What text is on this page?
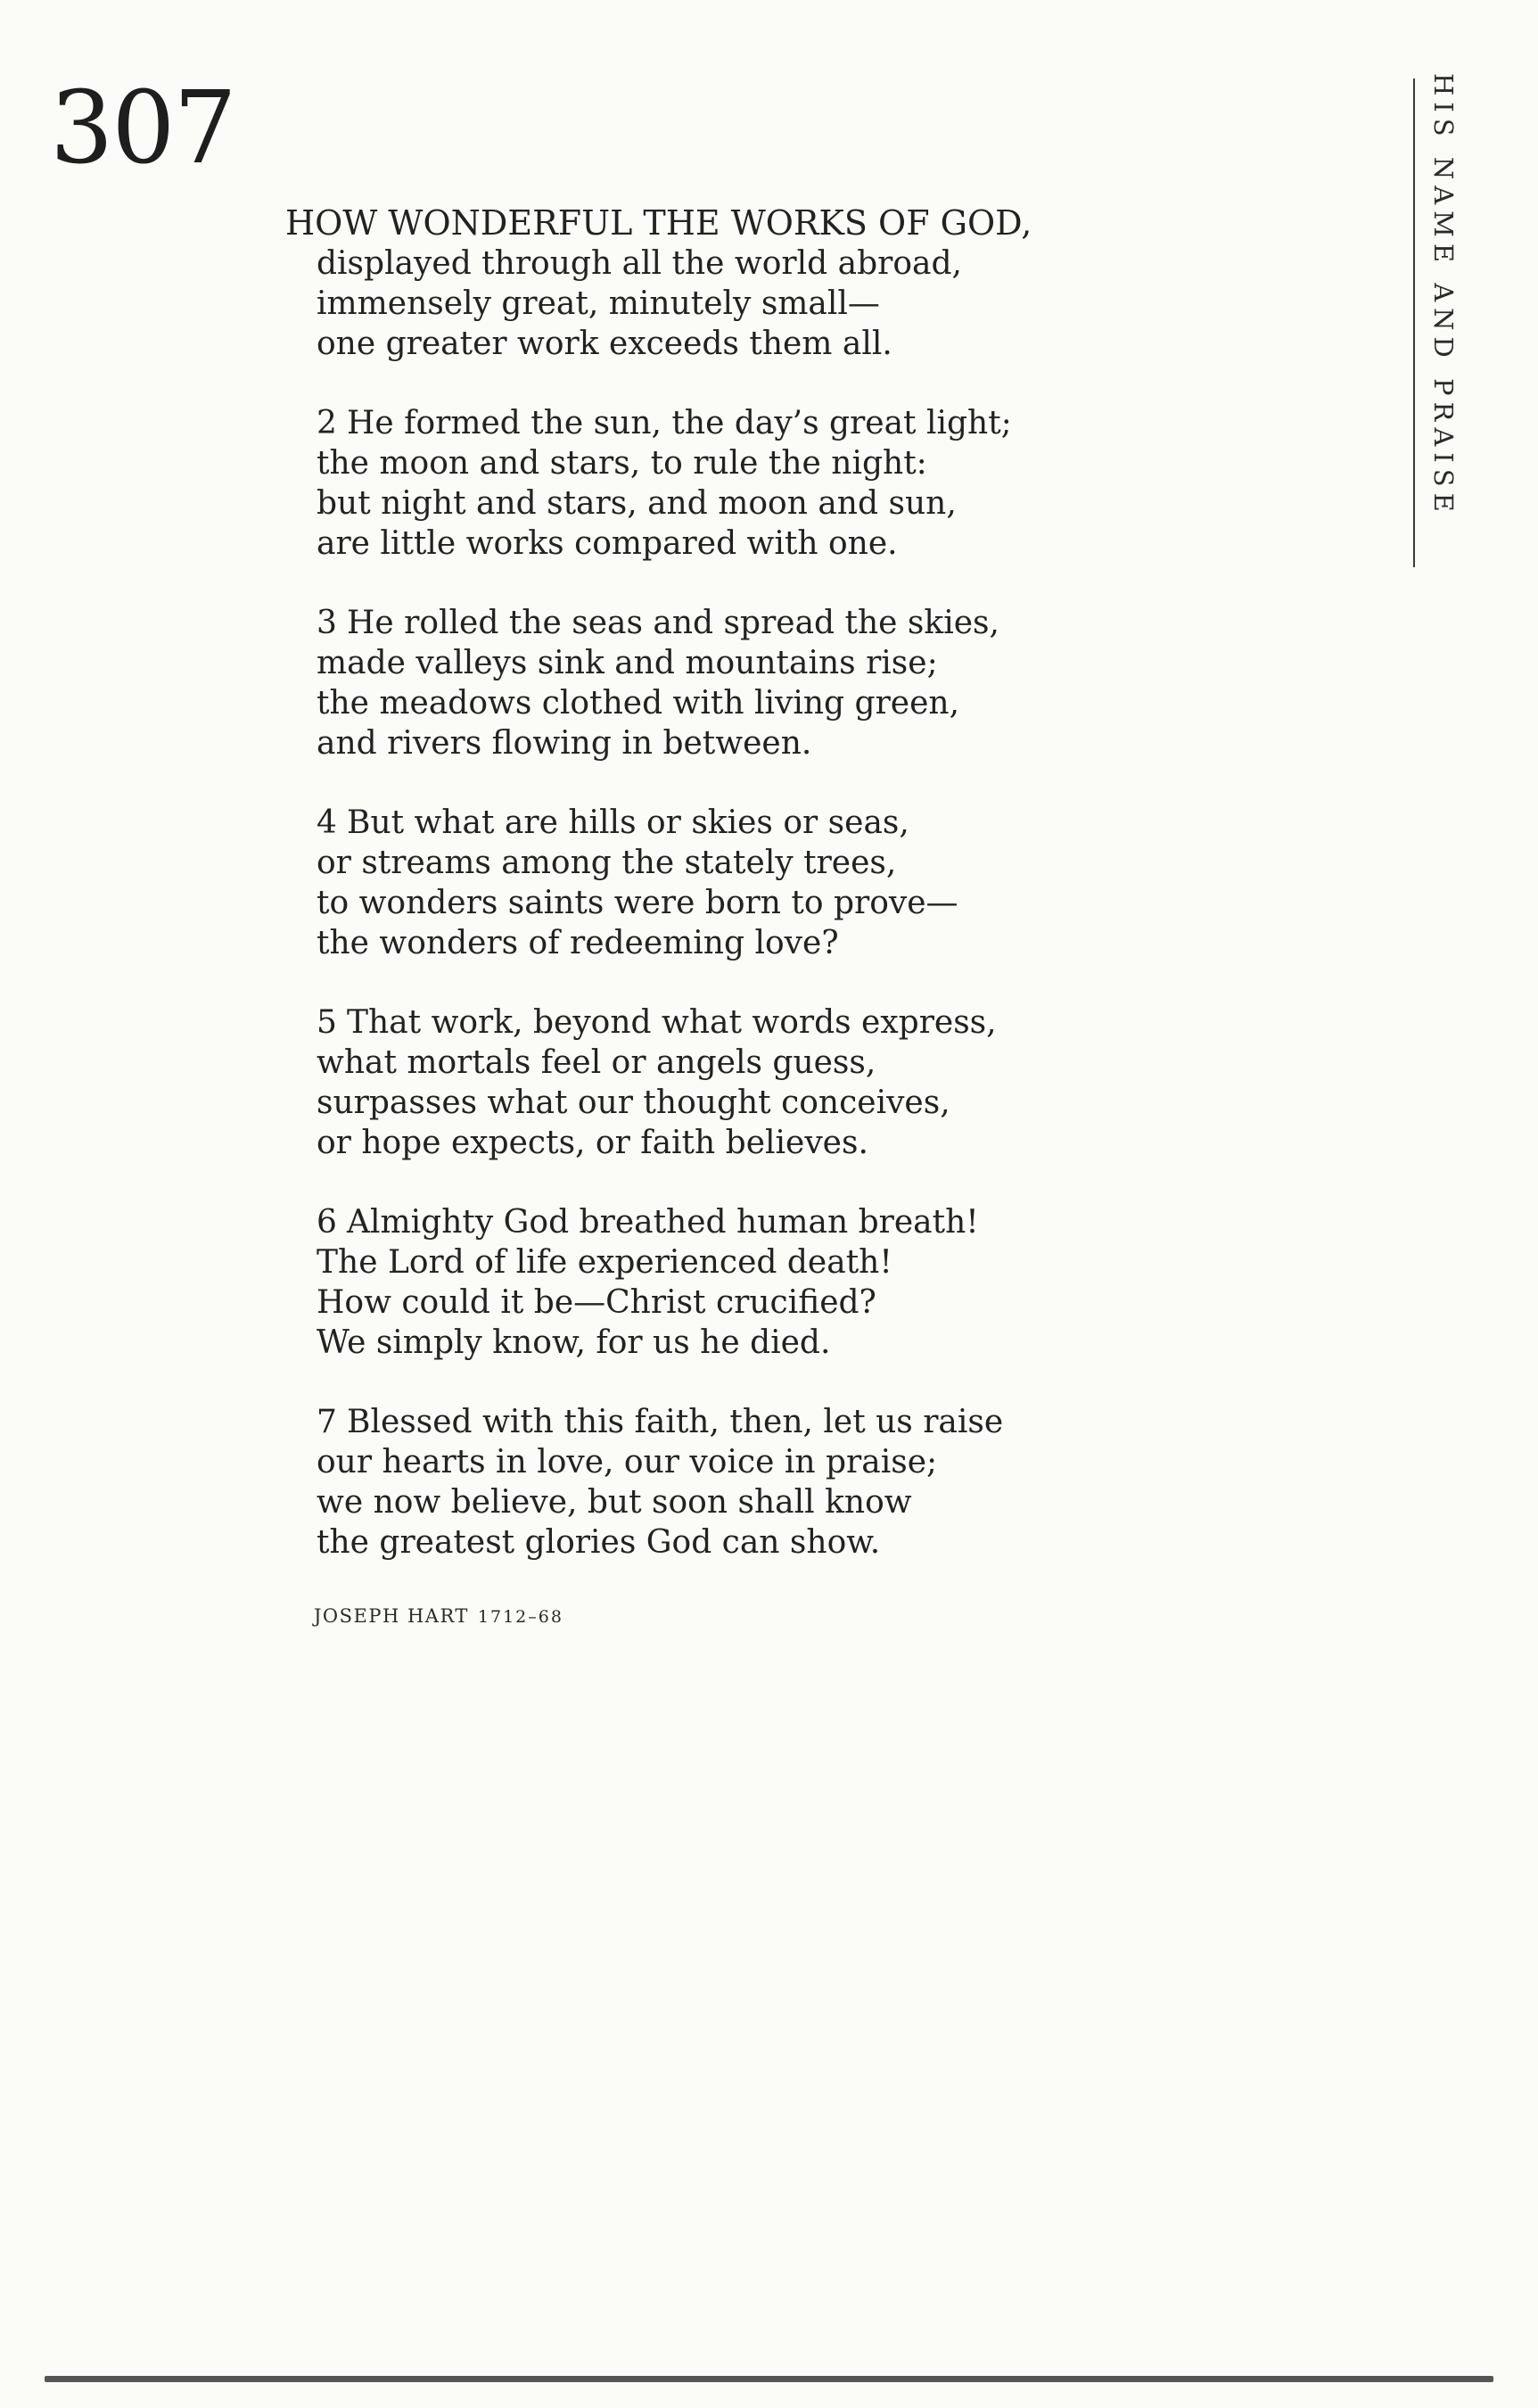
307	HIS NAME AND PRAISE
HOW WONDERFUL THE WORKS OF GOD,
displayed through all the world abroad,
immensely great, minutely small—
one greater work exceeds them all.
2 He formed the sun, the day’s great light;
the moon and stars, to rule the night:
but night and stars, and moon and sun,
are little works compared with one.
3 He rolled the seas and spread the skies,
made valleys sink and mountains rise;
the meadows clothed with living green,
and rivers flowing in between.
4 But what are hills or skies or seas,
or streams among the stately trees,
to wonders saints were born to prove—
the wonders of redeeming love?
5 That work, beyond what words express,
what mortals feel or angels guess,
surpasses what our thought conceives,
or hope expects, or faith believes.
6 Almighty God breathed human breath!
The Lord of life experienced death!
How could it be—Christ crucified?
We simply know, for us he died.
7 Blessed with this faith, then, let us raise
our hearts in love, our voice in praise;
we now believe, but soon shall know
the greatest glories God can show.
JOSEPH HART 1712–68
